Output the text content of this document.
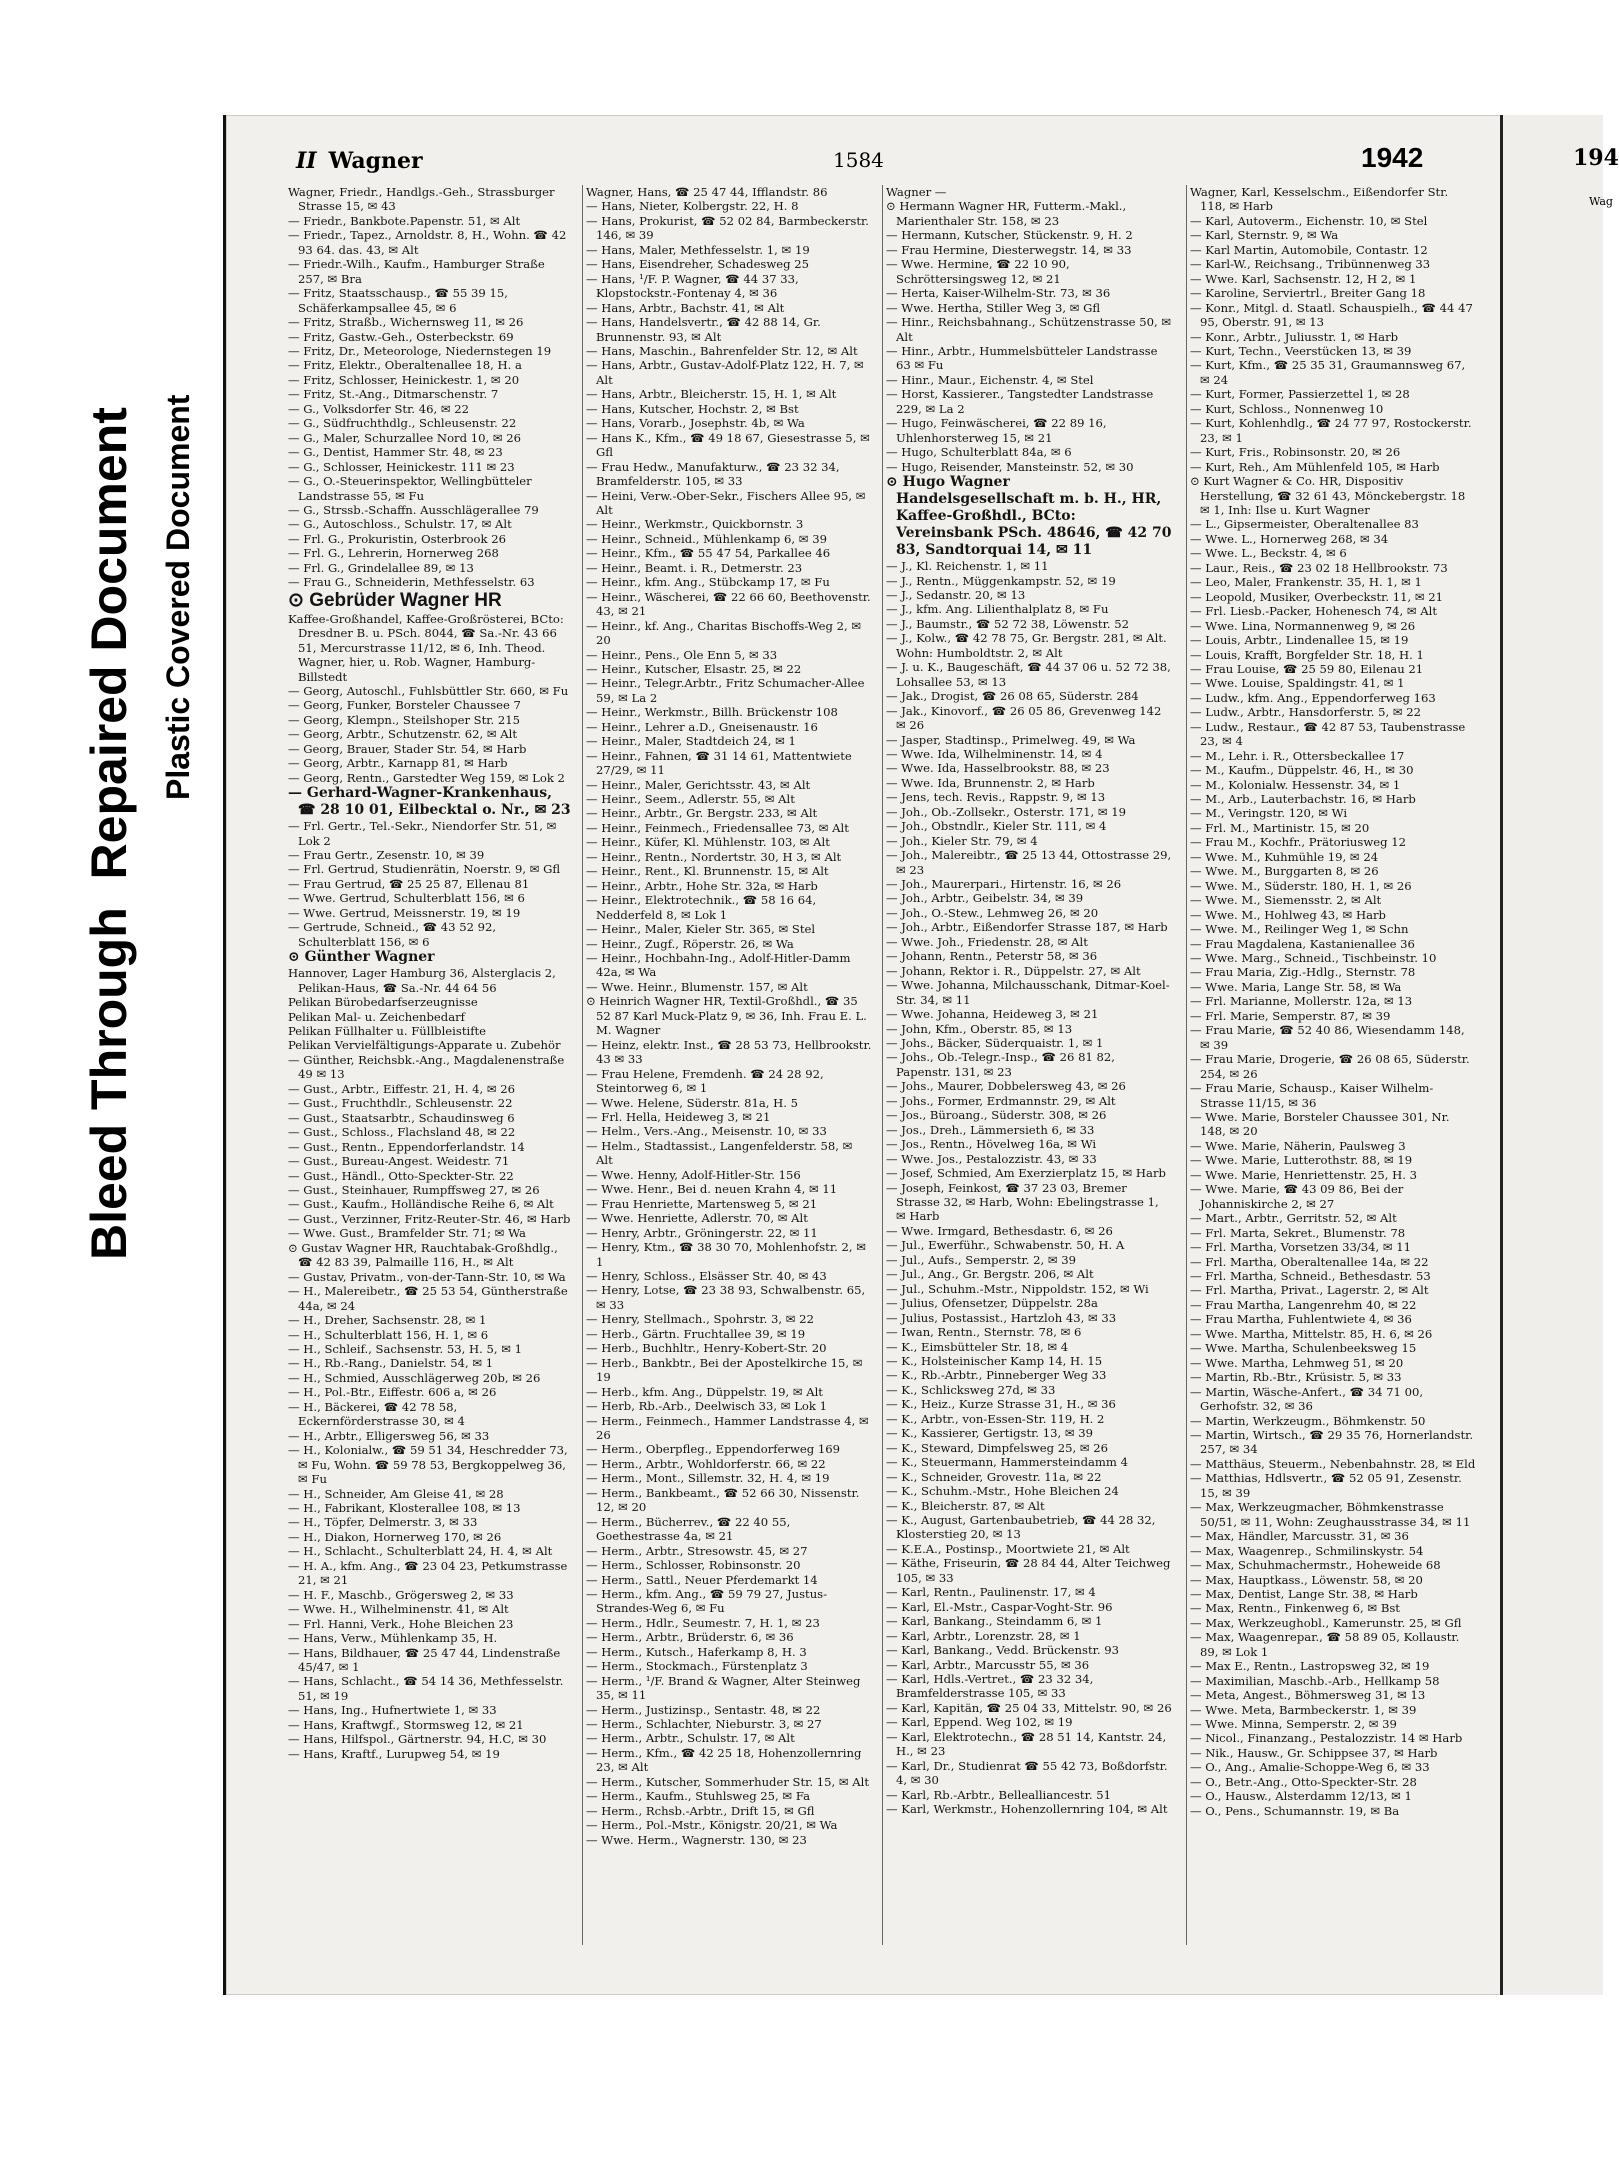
Bleed Through  Repaired Document Plastic Covered Document
II Wagner	1584	1942

Wagner, Friedr., Handlgs.-Geh., Strassburger Strasse 15, ✉ 43

— Friedr., Bankbote.Papenstr. 51, ✉ Alt

— Friedr., Tapez., Arnoldstr. 8, H., Wohn. ☎ 42 93 64. das. 43, ✉ Alt

— Friedr.-Wilh., Kaufm., Hamburger Straße 257, ✉ Bra

— Fritz, Staatsschausp., ☎ 55 39 15, Schäferkampsallee 45, ✉ 6

— Fritz, Straßb., Wichernsweg 11, ✉ 26

— Fritz, Gastw.-Geh., Osterbeckstr. 69

— Fritz, Dr., Meteorologe, Niedernstegen 19

— Fritz, Elektr., Oberaltenallee 18, H. a

— Fritz, Schlosser, Heinickestr. 1, ✉ 20

— Fritz, St.-Ang., Ditmarschenstr. 7

— G., Volksdorfer Str. 46, ✉ 22

— G., Südfruchthdlg., Schleusenstr. 22

— G., Maler, Schurzallee Nord 10, ✉ 26

— G., Dentist, Hammer Str. 48, ✉ 23

— G., Schlosser, Heinickestr. 111 ✉ 23

— G., O.-Steuerinspektor, Wellingbütteler Landstrasse 55, ✉ Fu

— G., Strssb.-Schaffn. Ausschlägerallee 79

— G., Autoschloss., Schulstr. 17, ✉ Alt

— Frl. G., Prokuristin, Osterbrook 26

— Frl. G., Lehrerin, Hornerweg 268

— Frl. G., Grindelallee 89, ✉ 13

— Frau G., Schneiderin, Methfesselstr. 63

⊙ Gebrüder Wagner HR

Kaffee-Großhandel, Kaffee-Großrösterei, BCto: Dresdner B. u. PSch. 8044, ☎ Sa.-Nr. 43 66 51, Mercurstrasse 11/12, ✉ 6, Inh. Theod. Wagner, hier, u. Rob. Wagner, Hamburg-Billstedt

— Georg, Autoschl., Fuhlsbüttler Str. 660, ✉ Fu

— Georg, Funker, Borsteler Chaussee 7

— Georg, Klempn., Steilshoper Str. 215

— Georg, Arbtr., Schutzenstr. 62, ✉ Alt

— Georg, Brauer, Stader Str. 54, ✉ Harb

— Georg, Arbtr., Karnapp 81, ✉ Harb

— Georg, Rentn., Garstedter Weg 159, ✉ Lok 2

— Gerhard-Wagner-Krankenhaus, ☎ 28 10 01, Eilbecktal o. Nr., ✉ 23

— Frl. Gertr., Tel.-Sekr., Niendorfer Str. 51, ✉ Lok 2

— Frau Gertr., Zesenstr. 10, ✉ 39

— Frl. Gertrud, Studienrätin, Noerstr. 9, ✉ Gfl

— Frau Gertrud, ☎ 25 25 87, Ellenau 81

— Wwe. Gertrud, Schulterblatt 156, ✉ 6

— Wwe. Gertrud, Meissnerstr. 19, ✉ 19

— Gertrude, Schneid., ☎ 43 52 92, Schulterblatt 156, ✉ 6

⊙ Günther Wagner

Hannover, Lager Hamburg 36, Alsterglacis 2, Pelikan-Haus, ☎ Sa.-Nr. 44 64 56

Pelikan Bürobedarfserzeugnisse

Pelikan Mal- u. Zeichenbedarf

Pelikan Füllhalter u. Füllbleistifte

Pelikan Vervielfältigungs-Apparate u. Zubehör

— Günther, Reichsbk.-Ang., Magdalenenstraße 49 ✉ 13

— Gust., Arbtr., Eiffestr. 21, H. 4, ✉ 26

— Gust., Fruchthdlr., Schleusenstr. 22

— Gust., Staatsarbtr., Schaudinsweg 6

— Gust., Schloss., Flachsland 48, ✉ 22

— Gust., Rentn., Eppendorferlandstr. 14

— Gust., Bureau-Angest. Weidestr. 71

— Gust., Händl., Otto-Speckter-Str. 22

— Gust., Steinhauer, Rumpffsweg 27, ✉ 26

— Gust., Kaufm., Holländische Reihe 6, ✉ Alt

— Gust., Verzinner, Fritz-Reuter-Str. 46, ✉ Harb

— Wwe. Gust., Bramfelder Str. 71; ✉ Wa

⊙ Gustav Wagner HR, Rauchtabak-Großhdlg., ☎ 42 83 39, Palmaille 116, H., ✉ Alt

— Gustav, Privatm., von-der-Tann-Str. 10, ✉ Wa

— H., Malereibetr., ☎ 25 53 54, Güntherstraße 44a, ✉ 24

— H., Dreher, Sachsenstr. 28, ✉ 1

— H., Schulterblatt 156, H. 1, ✉ 6

— H., Schleif., Sachsenstr. 53, H. 5, ✉ 1

— H., Rb.-Rang., Danielstr. 54, ✉ 1

— H., Schmied, Ausschlägerweg 20b, ✉ 26

— H., Pol.-Btr., Eiffestr. 606 a, ✉ 26

— H., Bäckerei, ☎ 42 78 58, Eckernförderstrasse 30, ✉ 4

— H., Arbtr., Elligersweg 56, ✉ 33

— H., Kolonialw., ☎ 59 51 34, Heschredder 73, ✉ Fu, Wohn. ☎ 59 78 53, Bergkoppelweg 36, ✉ Fu

— H., Schneider, Am Gleise 41, ✉ 28

— H., Fabrikant, Klosterallee 108, ✉ 13

— H., Töpfer, Delmerstr. 3, ✉ 33

— H., Diakon, Hornerweg 170, ✉ 26

— H., Schlacht., Schulterblatt 24, H. 4, ✉ Alt

— H. A., kfm. Ang., ☎ 23 04 23, Petkumstrasse 21, ✉ 21

— H. F., Maschb., Grögersweg 2, ✉ 33

— Wwe. H., Wilhelminenstr. 41, ✉ Alt

— Frl. Hanni, Verk., Hohe Bleichen 23

— Hans, Verw., Mühlenkamp 35, H.

— Hans, Bildhauer, ☎ 25 47 44, Lindenstraße 45/47, ✉ 1

— Hans, Schlacht., ☎ 54 14 36, Methfesselstr. 51, ✉ 19

— Hans, Ing., Hufnertwiete 1, ✉ 33

— Hans, Kraftwgf., Stormsweg 12, ✉ 21

— Hans, Hilfspol., Gärtnerstr. 94, H.C, ✉ 30

— Hans, Kraftf., Lurupweg 54, ✉ 19

Wagner, Hans, ☎ 25 47 44, Ifflandstr. 86

— Hans, Nieter, Kolbergstr. 22, H. 8

— Hans, Prokurist, ☎ 52 02 84, Barmbeckerstr. 146, ✉ 39

— Hans, Maler, Methfesselstr. 1, ✉ 19

— Hans, Eisendreher, Schadesweg 25

— Hans, ¹/F. P. Wagner, ☎ 44 37 33, Klopstockstr.-Fontenay 4, ✉ 36

— Hans, Arbtr., Bachstr. 41, ✉ Alt

— Hans, Handelsvertr., ☎ 42 88 14, Gr. Brunnenstr. 93, ✉ Alt

— Hans, Maschin., Bahrenfelder Str. 12, ✉ Alt

— Hans, Arbtr., Gustav-Adolf-Platz 122, H. 7, ✉ Alt

— Hans, Arbtr., Bleicherstr. 15, H. 1, ✉ Alt

— Hans, Kutscher, Hochstr. 2, ✉ Bst

— Hans, Vorarb., Josephstr. 4b, ✉ Wa

— Hans K., Kfm., ☎ 49 18 67, Giesestrasse 5, ✉ Gfl

— Frau Hedw., Manufakturw., ☎ 23 32 34, Bramfelderstr. 105, ✉ 33

— Heini, Verw.-Ober-Sekr., Fischers Allee 95, ✉ Alt

— Heinr., Werkmstr., Quickbornstr. 3

— Heinr., Schneid., Mühlenkamp 6, ✉ 39

— Heinr., Kfm., ☎ 55 47 54, Parkallee 46

— Heinr., Beamt. i. R., Detmerstr. 23

— Heinr., kfm. Ang., Stübckamp 17, ✉ Fu

— Heinr., Wäscherei, ☎ 22 66 60, Beethovenstr. 43, ✉ 21

— Heinr., kf. Ang., Charitas Bischoffs-Weg 2, ✉ 20

— Heinr., Pens., Ole Enn 5, ✉ 33

— Heinr., Kutscher, Elsastr. 25, ✉ 22

— Heinr., Telegr.Arbtr., Fritz Schumacher-Allee 59, ✉ La 2

— Heinr., Werkmstr., Billh. Brückenstr 108

— Heinr., Lehrer a.D., Gneisenaustr. 16

— Heinr., Maler, Stadtdeich 24, ✉ 1

— Heinr., Fahnen, ☎ 31 14 61, Mattentwiete 27/29, ✉ 11

— Heinr., Maler, Gerichtsstr. 43, ✉ Alt

— Heinr., Seem., Adlerstr. 55, ✉ Alt

— Heinr., Arbtr., Gr. Bergstr. 233, ✉ Alt

— Heinr., Feinmech., Friedensallee 73, ✉ Alt

— Heinr., Küfer, Kl. Mühlenstr. 103, ✉ Alt

— Heinr., Rentn., Nordertstr. 30, H 3, ✉ Alt

— Heinr., Rent., Kl. Brunnenstr. 15, ✉ Alt

— Heinr., Arbtr., Hohe Str. 32a, ✉ Harb

— Heinr., Elektrotechnik., ☎ 58 16 64, Nedderfeld 8, ✉ Lok 1

— Heinr., Maler, Kieler Str. 365, ✉ Stel

— Heinr., Zugf., Röperstr. 26, ✉ Wa

— Heinr., Hochbahn-Ing., Adolf-Hitler-Damm 42a, ✉ Wa

— Wwe. Heinr., Blumenstr. 157, ✉ Alt

⊙ Heinrich Wagner HR, Textil-Großhdl., ☎ 35 52 87 Karl Muck-Platz 9, ✉ 36, Inh. Frau E. L. M. Wagner

— Heinz, elektr. Inst., ☎ 28 53 73, Hellbrookstr. 43 ✉ 33

— Frau Helene, Fremdenh. ☎ 24 28 92, Steintorweg 6, ✉ 1

— Wwe. Helene, Süderstr. 81a, H. 5

— Frl. Hella, Heideweg 3, ✉ 21

— Helm., Vers.-Ang., Meisenstr. 10, ✉ 33

— Helm., Stadtassist., Langenfelderstr. 58, ✉ Alt

— Wwe. Henny, Adolf-Hitler-Str. 156

— Wwe. Henr., Bei d. neuen Krahn 4, ✉ 11

— Frau Henriette, Martensweg 5, ✉ 21

— Wwe. Henriette, Adlerstr. 70, ✉ Alt

— Henry, Arbtr., Gröningerstr. 22, ✉ 11

— Henry, Ktm., ☎ 38 30 70, Mohlenhofstr. 2, ✉ 1

— Henry, Schloss., Elsässer Str. 40, ✉ 43

— Henry, Lotse, ☎ 23 38 93, Schwalbenstr. 65, ✉ 33

— Henry, Stellmach., Spohrstr. 3, ✉ 22

— Herb., Gärtn. Fruchtallee 39, ✉ 19

— Herb., Buchhltr., Henry-Kobert-Str. 20

— Herb., Bankbtr., Bei der Apostelkirche 15, ✉ 19

— Herb., kfm. Ang., Düppelstr. 19, ✉ Alt

— Herb, Rb.-Arb., Deelwisch 33, ✉ Lok 1

— Herm., Feinmech., Hammer Landstrasse 4, ✉ 26

— Herm., Oberpfleg., Eppendorferweg 169

— Herm., Arbtr., Wohldorferstr. 66, ✉ 22

— Herm., Mont., Sillemstr. 32, H. 4, ✉ 19

— Herm., Bankbeamt., ☎ 52 66 30, Nissenstr. 12, ✉ 20

— Herm., Bücherrev., ☎ 22 40 55, Goethestrasse 4a, ✉ 21

— Herm., Arbtr., Stresowstr. 45, ✉ 27

— Herm., Schlosser, Robinsonstr. 20

— Herm., Sattl., Neuer Pferdemarkt 14

— Herm., kfm. Ang., ☎ 59 79 27, Justus-Strandes-Weg 6, ✉ Fu

— Herm., Hdlr., Seumestr. 7, H. 1, ✉ 23

— Herm., Arbtr., Brüderstr. 6, ✉ 36

— Herm., Kutsch., Haferkamp 8, H. 3

— Herm., Stockmach., Fürstenplatz 3

— Herm., ¹/F. Brand & Wagner, Alter Steinweg 35, ✉ 11

— Herm., Justizinsp., Sentastr. 48, ✉ 22

— Herm., Schlachter, Nieburstr. 3, ✉ 27

— Herm., Arbtr., Schulstr. 17, ✉ Alt

— Herm., Kfm., ☎ 42 25 18, Hohenzollernring 23, ✉ Alt

— Herm., Kutscher, Sommerhuder Str. 15, ✉ Alt

— Herm., Kaufm., Stuhlsweg 25, ✉ Fa

— Herm., Rchsb.-Arbtr., Drift 15, ✉ Gfl

— Herm., Pol.-Mstr., Königstr. 20/21, ✉ Wa

— Wwe. Herm., Wagnerstr. 130, ✉ 23

Wagner —

⊙ Hermann Wagner HR, Futterm.-Makl., Marienthaler Str. 158, ✉ 23

— Hermann, Kutscher, Stückenstr. 9, H. 2

— Frau Hermine, Diesterwegstr. 14, ✉ 33

— Wwe. Hermine, ☎ 22 10 90, Schröttersingsweg 12, ✉ 21

— Herta, Kaiser-Wilhelm-Str. 73, ✉ 36

— Wwe. Hertha, Stiller Weg 3, ✉ Gfl

— Hinr., Reichsbahnang., Schützenstrasse 50, ✉ Alt

— Hinr., Arbtr., Hummelsbütteler Landstrasse 63 ✉ Fu

— Hinr., Maur., Eichenstr. 4, ✉ Stel

— Horst, Kassierer., Tangstedter Landstrasse 229, ✉ La 2

— Hugo, Feinwäscherei, ☎ 22 89 16, Uhlenhorsterweg 15, ✉ 21

— Hugo, Schulterblatt 84a, ✉ 6

— Hugo, Reisender, Mansteinstr. 52, ✉ 30

⊙ Hugo Wagner Handelsgesellschaft m. b. H., HR, Kaffee-Großhdl., BCto: Vereinsbank PSch. 48646, ☎ 42 70 83, Sandtorquai 14, ✉ 11

— J., Kl. Reichenstr. 1, ✉ 11

— J., Rentn., Müggenkampstr. 52, ✉ 19

— J., Sedanstr. 20, ✉ 13

— J., kfm. Ang. Lilienthalplatz 8, ✉ Fu

— J., Baumstr., ☎ 52 72 38, Löwenstr. 52

— J., Kolw., ☎ 42 78 75, Gr. Bergstr. 281, ✉ Alt. Wohn: Humboldtstr. 2, ✉ Alt

— J. u. K., Baugeschäft, ☎ 44 37 06 u. 52 72 38, Lohsallee 53, ✉ 13

— Jak., Drogist, ☎ 26 08 65, Süderstr. 284

— Jak., Kinovorf., ☎ 26 05 86, Grevenweg 142 ✉ 26

— Jasper, Stadtinsp., Primelweg. 49, ✉ Wa

— Wwe. Ida, Wilhelminenstr. 14, ✉ 4

— Wwe. Ida, Hasselbrookstr. 88, ✉ 23

— Wwe. Ida, Brunnenstr. 2, ✉ Harb

— Jens, tech. Revis., Rappstr. 9, ✉ 13

— Joh., Ob.-Zollsekr., Osterstr. 171, ✉ 19

— Joh., Obstndlr., Kieler Str. 111, ✉ 4

— Joh., Kieler Str. 79, ✉ 4

— Joh., Malereibtr., ☎ 25 13 44, Ottostrasse 29, ✉ 23

— Joh., Maurerpari., Hirtenstr. 16, ✉ 26

— Joh., Arbtr., Geibelstr. 34, ✉ 39

— Joh., O.-Stew., Lehmweg 26, ✉ 20

— Joh., Arbtr., Eißendorfer Strasse 187, ✉ Harb

— Wwe. Joh., Friedenstr. 28, ✉ Alt

— Johann, Rentn., Peterstr 58, ✉ 36

— Johann, Rektor i. R., Düppelstr. 27, ✉ Alt

— Wwe. Johanna, Milchausschank, Ditmar-Koel-Str. 34, ✉ 11

— Wwe. Johanna, Heideweg 3, ✉ 21

— John, Kfm., Oberstr. 85, ✉ 13

— Johs., Bäcker, Süderquaistr. 1, ✉ 1

— Johs., Ob.-Telegr.-Insp., ☎ 26 81 82, Papenstr. 131, ✉ 23

— Johs., Maurer, Dobbelersweg 43, ✉ 26

— Johs., Former, Erdmannstr. 29, ✉ Alt

— Jos., Bürоang., Süderstr. 308, ✉ 26

— Jos., Dreh., Lämmersieth 6, ✉ 33

— Jos., Rentn., Hövelweg 16a, ✉ Wi

— Wwe. Jos., Pestalozzistr. 43, ✉ 33

— Josef, Schmied, Am Exerzierplatz 15, ✉ Harb

— Joseph, Feinkost, ☎ 37 23 03, Bremer Strasse 32, ✉ Harb, Wohn: Ebelingstrasse 1, ✉ Harb

— Wwe. Irmgard, Bethesdastr. 6, ✉ 26

— Jul., Ewerführ., Schwabenstr. 50, H. A

— Jul., Aufs., Semperstr. 2, ✉ 39

— Jul., Ang., Gr. Bergstr. 206, ✉ Alt

— Jul., Schuhm.-Mstr., Nippoldstr. 152, ✉ Wi

— Julius, Ofensetzer, Düppelstr. 28a

— Julius, Postassist., Hartzloh 43, ✉ 33

— Iwan, Rentn., Sternstr. 78, ✉ 6

— K., Eimsbütteler Str. 18, ✉ 4

— K., Holsteinischer Kamp 14, H. 15

— K., Rb.-Arbtr., Pinneberger Weg 33

— K., Schlicksweg 27d, ✉ 33

— K., Heiz., Kurze Strasse 31, H., ✉ 36

— K., Arbtr., von-Essen-Str. 119, H. 2

— K., Kassierer, Gertigstr. 13, ✉ 39

— K., Steward, Dimpfelsweg 25, ✉ 26

— K., Steuermann, Hammersteindamm 4

— K., Schneider, Grovestr. 11a, ✉ 22

— K., Schuhm.-Mstr., Hohe Bleichen 24

— K., Bleicherstr. 87, ✉ Alt

— K., August, Gartenbaubetrieb, ☎ 44 28 32, Klosterstieg 20, ✉ 13

— K.E.A., Postinsp., Moortwiete 21, ✉ Alt

— Käthe, Friseurin, ☎ 28 84 44, Alter Teichweg 105, ✉ 33

— Karl, Rentn., Paulinenstr. 17, ✉ 4

— Karl, El.-Mstr., Caspar-Voght-Str. 96

— Karl, Bankang., Steindamm 6, ✉ 1

— Karl, Arbtr., Lorenzstr. 28, ✉ 1

— Karl, Bankang., Vedd. Brückenstr. 93

— Karl, Arbtr., Marcusstr 55, ✉ 36

— Karl, Hdls.-Vertret., ☎ 23 32 34, Bramfelderstrasse 105, ✉ 33

— Karl, Kapitän, ☎ 25 04 33, Mittelstr. 90, ✉ 26

— Karl, Eppend. Weg 102, ✉ 19

— Karl, Elektrotechn., ☎ 28 51 14, Kantstr. 24, H., ✉ 23

— Karl, Dr., Studienrat ☎ 55 42 73, Boßdorfstr. 4, ✉ 30

— Karl, Rb.-Arbtr., Bellealliancestr. 51

— Karl, Werkmstr., Hohenzollernring 104, ✉ Alt

Wagner, Karl, Kesselschm., Eißendorfer Str. 118, ✉ Harb

— Karl, Autoverm., Eichenstr. 10, ✉ Stel

— Karl, Sternstr. 9, ✉ Wa

— Karl Martin, Automobile, Contastr. 12

— Karl-W., Reichsang., Tribünnenweg 33

— Wwe. Karl, Sachsenstr. 12, H 2, ✉ 1

— Karoline, Serviertrl., Breiter Gang 18

— Konr., Mitgl. d. Staatl. Schauspielh., ☎ 44 47 95, Oberstr. 91, ✉ 13

— Konr., Arbtr., Juliusstr. 1, ✉ Harb

— Kurt, Techn., Veerstücken 13, ✉ 39

— Kurt, Kfm., ☎ 25 35 31, Graumannsweg 67, ✉ 24

— Kurt, Former, Passierzettel 1, ✉ 28

— Kurt, Schloss., Nonnenweg 10

— Kurt, Kohlenhdlg., ☎ 24 77 97, Rostockerstr. 23, ✉ 1

— Kurt, Fris., Robinsonstr. 20, ✉ 26

— Kurt, Reh., Am Mühlenfeld 105, ✉ Harb

⊙ Kurt Wagner & Co. HR, Dispositiv Herstellung, ☎ 32 61 43, Mönckebergstr. 18 ✉ 1, Inh: Ilse u. Kurt Wagner

— L., Gipsermeister, Oberaltenallee 83

— Wwe. L., Hornerweg 268, ✉ 34

— Wwe. L., Beckstr. 4, ✉ 6

— Laur., Reis., ☎ 23 02 18 Hellbrookstr. 73

— Leo, Maler, Frankenstr. 35, H. 1, ✉ 1

— Leopold, Musiker, Overbeckstr. 11, ✉ 21

— Frl. Liesb.-Packer, Hohenesch 74, ✉ Alt

— Wwe. Lina, Normannenweg 9, ✉ 26

— Louis, Arbtr., Lindenallee 15, ✉ 19

— Louis, Krafft, Borgfelder Str. 18, H. 1

— Frau Louise, ☎ 25 59 80, Eilenau 21

— Wwe. Louise, Spaldingstr. 41, ✉ 1

— Ludw., kfm. Ang., Eppendorferweg 163

— Ludw., Arbtr., Hansdorferstr. 5, ✉ 22

— Ludw., Restaur., ☎ 42 87 53, Taubenstrasse 23, ✉ 4

— M., Lehr. i. R., Ottersbeckallee 17

— M., Kaufm., Düppelstr. 46, H., ✉ 30

— M., Kolonialw. Hessenstr. 34, ✉ 1

— M., Arb., Lauterbachstr. 16, ✉ Harb

— M., Veringstr. 120, ✉ Wi

— Frl. M., Martinistr. 15, ✉ 20

— Frau M., Kochfr., Prätoriusweg 12

— Wwe. M., Kuhmühle 19, ✉ 24

— Wwe. M., Burggarten 8, ✉ 26

— Wwe. M., Süderstr. 180, H. 1, ✉ 26

— Wwe. M., Siemensstr. 2, ✉ Alt

— Wwe. M., Hohlweg 43, ✉ Harb

— Wwe. M., Reilinger Weg 1, ✉ Schn

— Frau Magdalena, Kastanienallee 36

— Wwe. Marg., Schneid., Tischbeinstr. 10

— Frau Maria, Zig.-Hdlg., Sternstr. 78

— Wwe. Maria, Lange Str. 58, ✉ Wa

— Frl. Marianne, Mollerstr. 12a, ✉ 13

— Frl. Marie, Semperstr. 87, ✉ 39

— Frau Marie, ☎ 52 40 86, Wiesendamm 148, ✉ 39

— Frau Marie, Drogerie, ☎ 26 08 65, Süderstr. 254, ✉ 26

— Frau Marie, Schausp., Kaiser Wilhelm-Strasse 11/15, ✉ 36

— Wwe. Marie, Borsteler Chaussee 301, Nr. 148, ✉ 20

— Wwe. Marie, Näherin, Paulsweg 3

— Wwe. Marie, Lutterothstr. 88, ✉ 19

— Wwe. Marie, Henriettenstr. 25, H. 3

— Wwe. Marie, ☎ 43 09 86, Bei der Johanniskirche 2, ✉ 27

— Mart., Arbtr., Gerritstr. 52, ✉ Alt

— Frl. Marta, Sekret., Blumenstr. 78

— Frl. Martha, Vorsetzen 33/34, ✉ 11

— Frl. Martha, Oberaltenallee 14a, ✉ 22

— Frl. Martha, Schneid., Bethesdastr. 53

— Frl. Martha, Privat., Lagerstr. 2, ✉ Alt

— Frau Martha, Langenrehm 40, ✉ 22

— Frau Martha, Fuhlentwiete 4, ✉ 36

— Wwe. Martha, Mittelstr. 85, H. 6, ✉ 26

— Wwe. Martha, Schulenbeeksweg 15

— Wwe. Martha, Lehmweg 51, ✉ 20

— Martin, Rb.-Btr., Krüsistr. 5, ✉ 33

— Martin, Wäsche-Anfert., ☎ 34 71 00, Gerhofstr. 32, ✉ 36

— Martin, Werkzeugm., Böhmkenstr. 50

— Martin, Wirtsch., ☎ 29 35 76, Hornerlandstr. 257, ✉ 34

— Matthäus, Steuerm., Nebenbahnstr. 28, ✉ Eld

— Matthias, Hdlsvertr., ☎ 52 05 91, Zesenstr. 15, ✉ 39

— Max, Werkzeugmacher, Böhmkenstrasse 50/51, ✉ 11, Wohn: Zeughausstrasse 34, ✉ 11

— Max, Händler, Marcusstr. 31, ✉ 36

— Max, Waagenrep., Schmilinskystr. 54

— Max, Schuhmachermstr., Hoheweide 68

— Max, Hauptkass., Löwenstr. 58, ✉ 20

— Max, Dentist, Lange Str. 38, ✉ Harb

— Max, Rentn., Finkenweg 6, ✉ Bst

— Max, Werkzeughobl., Kamerunstr. 25, ✉ Gfl

— Max, Waagenrepar., ☎ 58 89 05, Kollaustr. 89, ✉ Lok 1

— Max E., Rentn., Lastropsweg 32, ✉ 19

— Maximilian, Maschb.-Arb., Hellkamp 58

— Meta, Angest., Böhmersweg 31, ✉ 13

— Wwe. Meta, Barmbeckerstr. 1, ✉ 39

— Wwe. Minna, Semperstr. 2, ✉ 39

— Nicol., Finanzang., Pestalozzistr. 14 ✉ Harb

— Nik., Hausw., Gr. Schippsee 37, ✉ Harb

— O., Ang., Amalie-Schoppe-Weg 6, ✉ 33

— O., Betr.-Ang., Otto-Speckter-Str. 28

— O., Hausw., Alsterdamm 12/13, ✉ 1

— O., Pens., Schumannstr. 19, ✉ Ba

194
Wag
